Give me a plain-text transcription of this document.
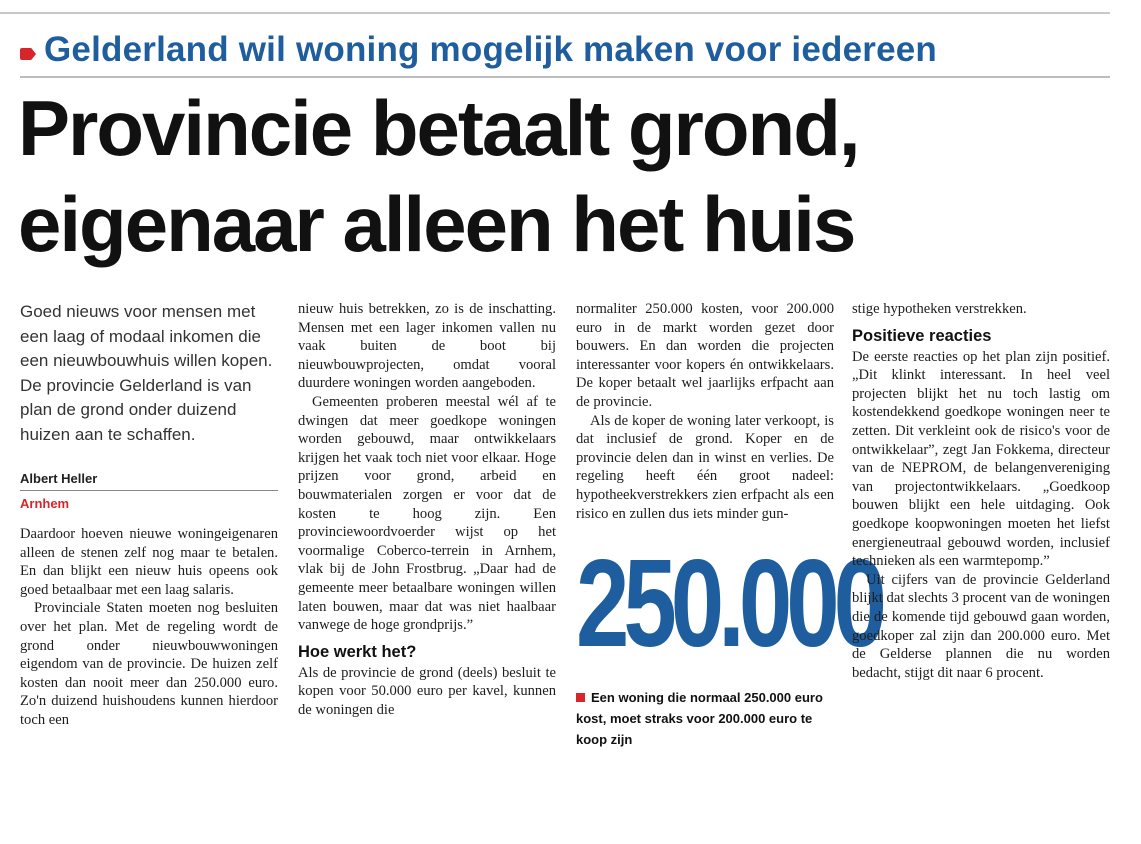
Gelderland wil woning mogelijk maken voor iedereen
Provincie betaalt grond,
eigenaar alleen het huis

Goed nieuws voor mensen met een laag of modaal inkomen die een nieuwbouwhuis willen kopen. De provincie Gelderland is van plan de grond onder duizend huizen aan te schaffen.

Albert Heller
Arnhem

Daardoor hoeven nieuwe woningeigenaren alleen de stenen zelf nog maar te betalen. En dan blijkt een nieuw huis opeens ook goed betaalbaar met een laag salaris.

Provinciale Staten moeten nog besluiten over het plan. Met de regeling wordt de grond onder nieuwbouwwoningen eigendom van de provincie. De huizen zelf kosten dan nooit meer dan 250.000 euro. Zo'n duizend huishoudens kunnen hierdoor toch een

nieuw huis betrekken, zo is de inschatting. Mensen met een lager inkomen vallen nu vaak buiten de boot bij nieuwbouwprojecten, omdat vooral duurdere woningen worden aangeboden.

Gemeenten proberen meestal wél af te dwingen dat meer goedkope woningen worden gebouwd, maar ontwikkelaars krijgen het vaak toch niet voor elkaar. Hoge prijzen voor grond, arbeid en bouwmaterialen zorgen er voor dat de kosten te hoog zijn. Een provinciewoordvoerder wijst op het voormalige Coberco-terrein in Arnhem, vlak bij de John Frostbrug. „Daar had de gemeente meer betaalbare woningen willen laten bouwen, maar dat was niet haalbaar vanwege de hoge grondprijs.”

Hoe werkt het?

Als de provincie de grond (deels) besluit te kopen voor 50.000 euro per kavel, kunnen de woningen die

normaliter 250.000 kosten, voor 200.000 euro in de markt worden gezet door bouwers. En dan worden die projecten interessanter voor kopers én ontwikkelaars. De koper betaalt wel jaarlijks erfpacht aan de provincie.

Als de koper de woning later verkoopt, is dat inclusief de grond. Koper en de provincie delen dan in winst en verlies. De regeling heeft één groot nadeel: hypotheekverstrekkers zien erfpacht als een risico en zullen dus iets minder gun-

250.000
Een woning die normaal 250.000 euro kost, moet straks voor 200.000 euro te koop zijn

stige hypotheken verstrekken.

Positieve reacties

De eerste reacties op het plan zijn positief. „Dit klinkt interessant. In heel veel projecten blijkt het nu toch lastig om kostendekkend goedkope woningen neer te zetten. Dit verkleint ook de risico's voor de ontwikkelaar”, zegt Jan Fokkema, directeur van de NEPROM, de belangenvereniging van projectontwikkelaars. „Goedkoop bouwen blijkt een hele uitdaging. Ook goedkope koopwoningen moeten het liefst energieneutraal gebouwd worden, inclusief technieken als een warmtepomp.”

Uit cijfers van de provincie Gelderland blijkt dat slechts 3 procent van de woningen die de komende tijd gebouwd gaan worden, goedkoper zal zijn dan 200.000 euro. Met de Gelderse plannen die nu worden bedacht, stijgt dit naar 6 procent.
